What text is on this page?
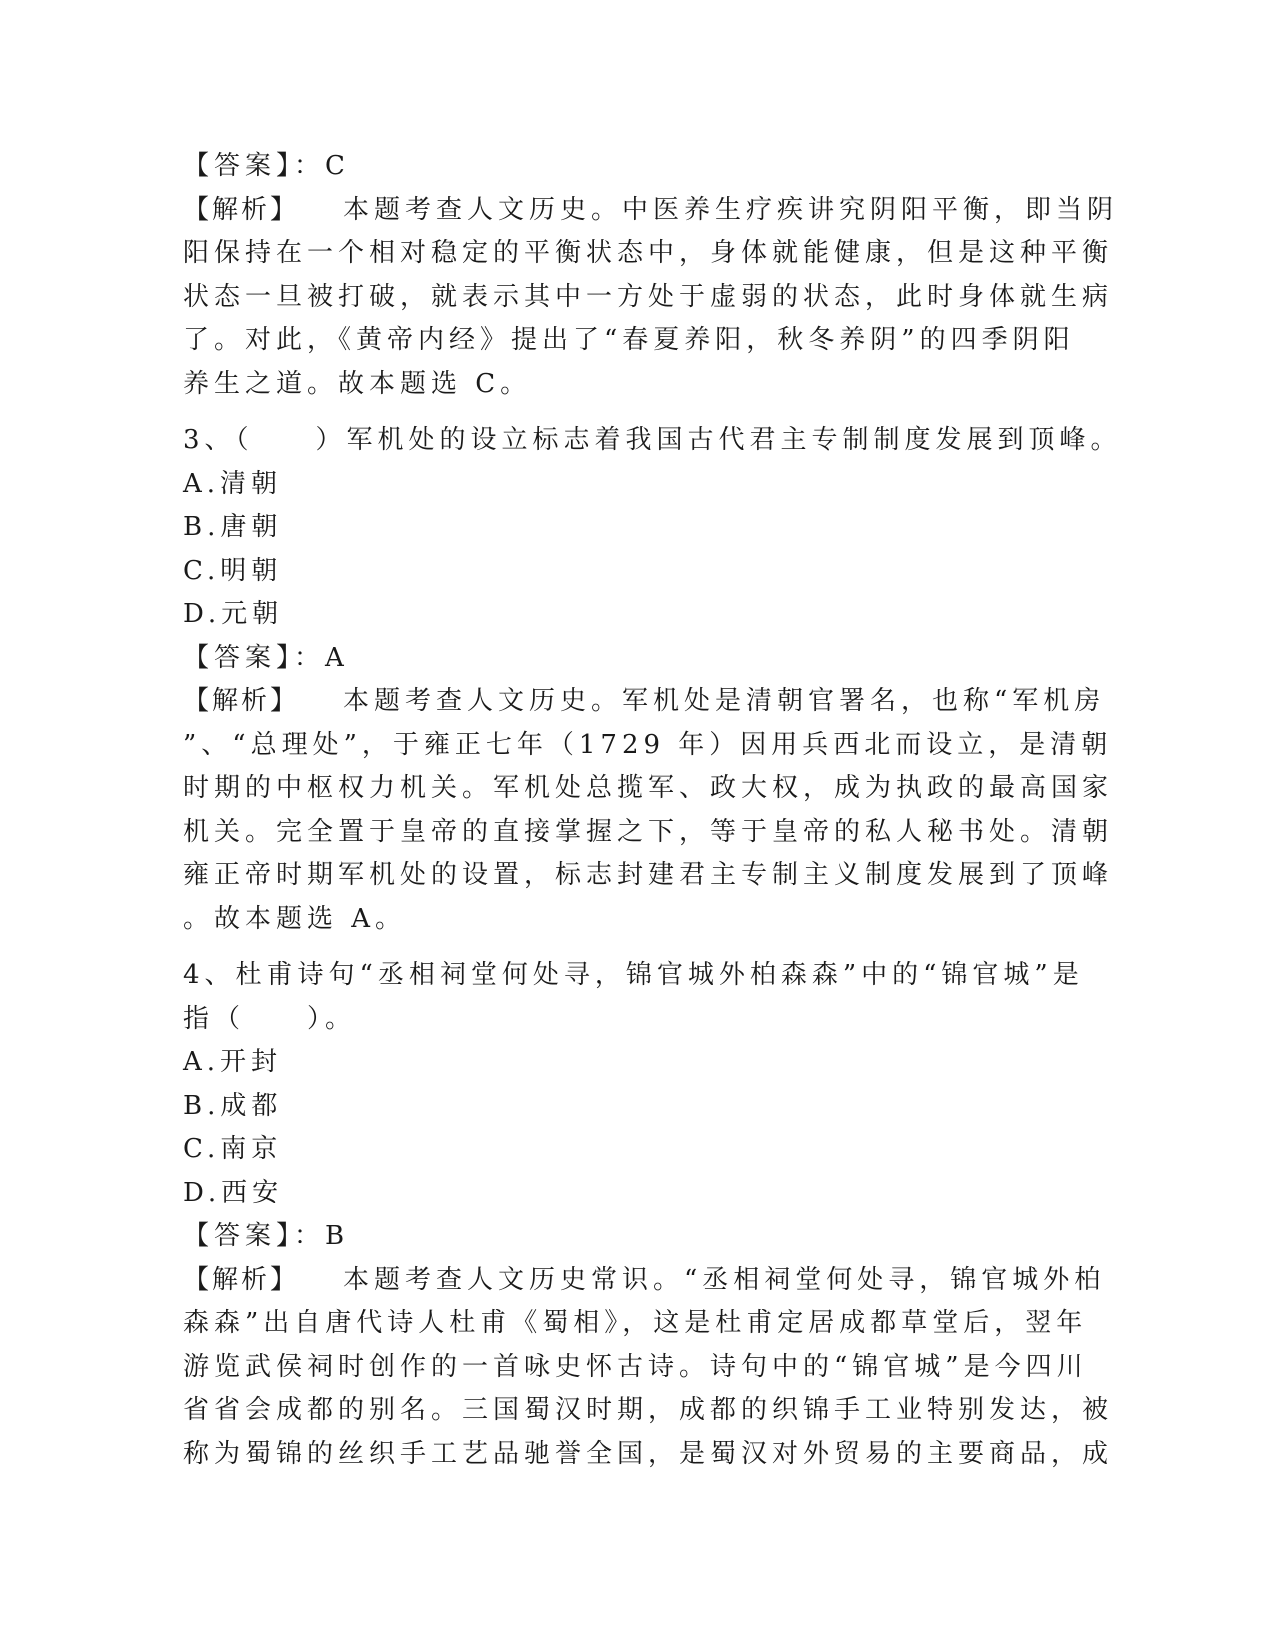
【答案】：C
【解析】 本题考查人文历史。中医养生疗疾讲究阴阳平衡，即当阴
阳保持在一个相对稳定的平衡状态中，身体就能健康，但是这种平衡
状态一旦被打破，就表示其中一方处于虚弱的状态，此时身体就生病
了。对此，《黄帝内经》提出了“春夏养阳，秋冬养阴”的四季阴阳
养生之道。故本题选 C。
3、（　　）军机处的设立标志着我国古代君主专制制度发展到顶峰。
A.清朝
B.唐朝
C.明朝
D.元朝
【答案】：A
【解析】 本题考查人文历史。军机处是清朝官署名，也称“军机房
”、“总理处”，于雍正七年（1729 年）因用兵西北而设立，是清朝
时期的中枢权力机关。军机处总揽军、政大权，成为执政的最高国家
机关。完全置于皇帝的直接掌握之下，等于皇帝的私人秘书处。清朝
雍正帝时期军机处的设置，标志封建君主专制主义制度发展到了顶峰
。故本题选 A。
4、杜甫诗句“丞相祠堂何处寻，锦官城外柏森森”中的“锦官城”是
指（　　）。
A.开封
B.成都
C.南京
D.西安
【答案】：B
【解析】 本题考查人文历史常识。“丞相祠堂何处寻，锦官城外柏
森森”出自唐代诗人杜甫《蜀相》，这是杜甫定居成都草堂后，翌年
游览武侯祠时创作的一首咏史怀古诗。诗句中的“锦官城”是今四川
省省会成都的别名。三国蜀汉时期，成都的织锦手工业特别发达，被
称为蜀锦的丝织手工艺品驰誉全国，是蜀汉对外贸易的主要商品，成
